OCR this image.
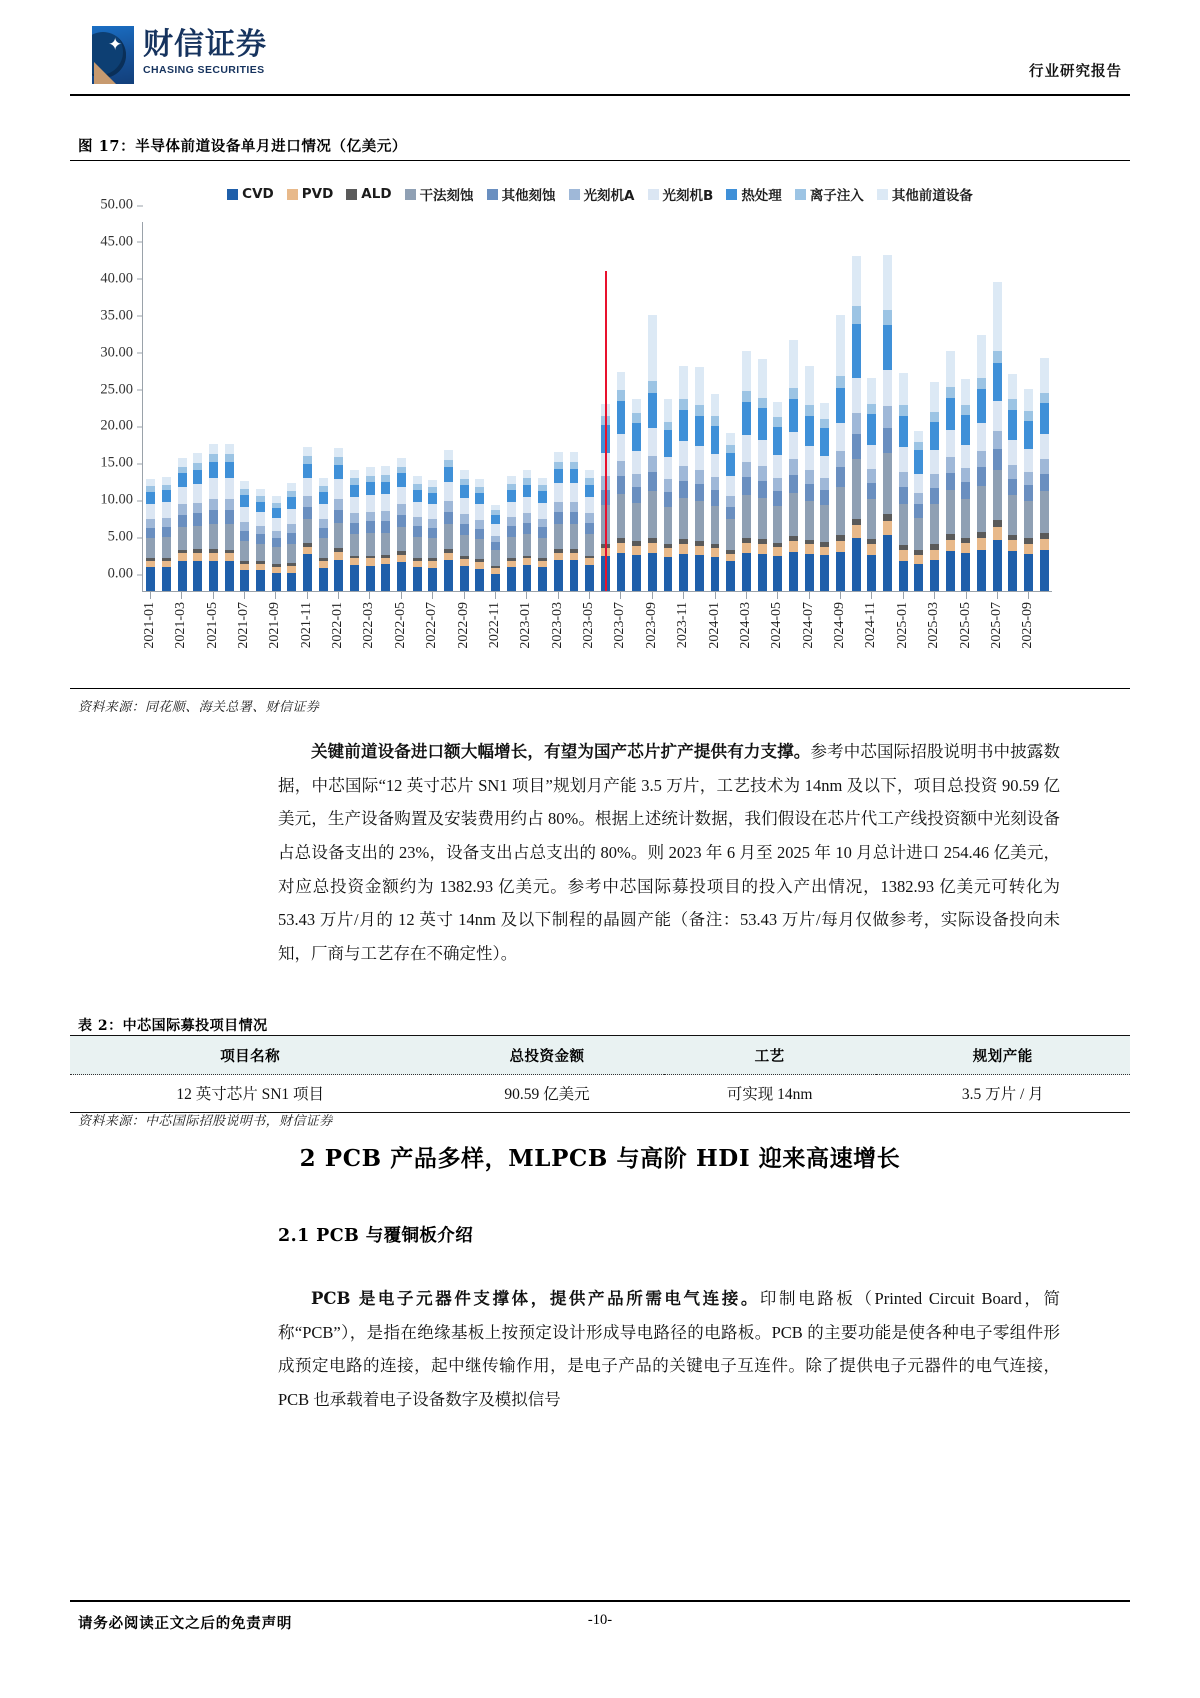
✦ 财信证券
CHASING SECURITIES	行业研究报告
图 17：半导体前道设备单月进口情况（亿美元）
CVD PVD ALD 干法刻蚀 其他刻蚀 光刻机A 光刻机B 热处理 离子注入 其他前道设备
0.00
5.00
10.00
15.00
20.00
25.00
30.00
35.00
40.00
45.00
50.00
2021-01 2021-03 2021-05 2021-07 2021-09 2021-11 2022-01 2022-03 2022-05 2022-07 2022-09 2022-11 2023-01 2023-03 2023-05 2023-07 2023-09 2023-11 2024-01 2024-03 2024-05 2024-07 2024-09 2024-11 2025-01 2025-03 2025-05 2025-07 2025-09
资料来源：同花顺、海关总署、财信证券
关键前道设备进口额大幅增长，有望为国产芯片扩产提供有力支撑。参考中芯国际招股说明书中披露数据，中芯国际“12 英寸芯片 SN1 项目”规划月产能 3.5 万片，工艺技术为 14nm 及以下，项目总投资 90.59 亿美元，生产设备购置及安装费用约占 80%。根据上述统计数据，我们假设在芯片代工产线投资额中光刻设备占总设备支出的 23%，设备支出占总支出的 80%。则 2023 年 6 月至 2025 年 10 月总计进口 254.46 亿美元，对应总投资金额约为 1382.93 亿美元。参考中芯国际募投项目的投入产出情况，1382.93 亿美元可转化为 53.43 万片/月的 12 英寸 14nm 及以下制程的晶圆产能（备注：53.43 万片/每月仅做参考，实际设备投向未知，厂商与工艺存在不确定性）。
表 2：中芯国际募投项目情况
项目名称	总投资金额	工艺	规划产能
12 英寸芯片 SN1 项目	90.59 亿美元	可实现 14nm	3.5 万片 / 月
资料来源：中芯国际招股说明书，财信证券
2 PCB 产品多样，MLPCB 与高阶 HDI 迎来高速增长
2.1 PCB 与覆铜板介绍
PCB 是电子元器件支撑体，提供产品所需电气连接。印制电路板（Printed Circuit Board，简称“PCB”），是指在绝缘基板上按预定设计形成导电路径的电路板。PCB 的主要功能是使各种电子零组件形成预定电路的连接，起中继传输作用，是电子产品的关键电子互连件。除了提供电子元器件的电气连接，PCB 也承载着电子设备数字及模拟信号
请务必阅读正文之后的免责声明	-10-
